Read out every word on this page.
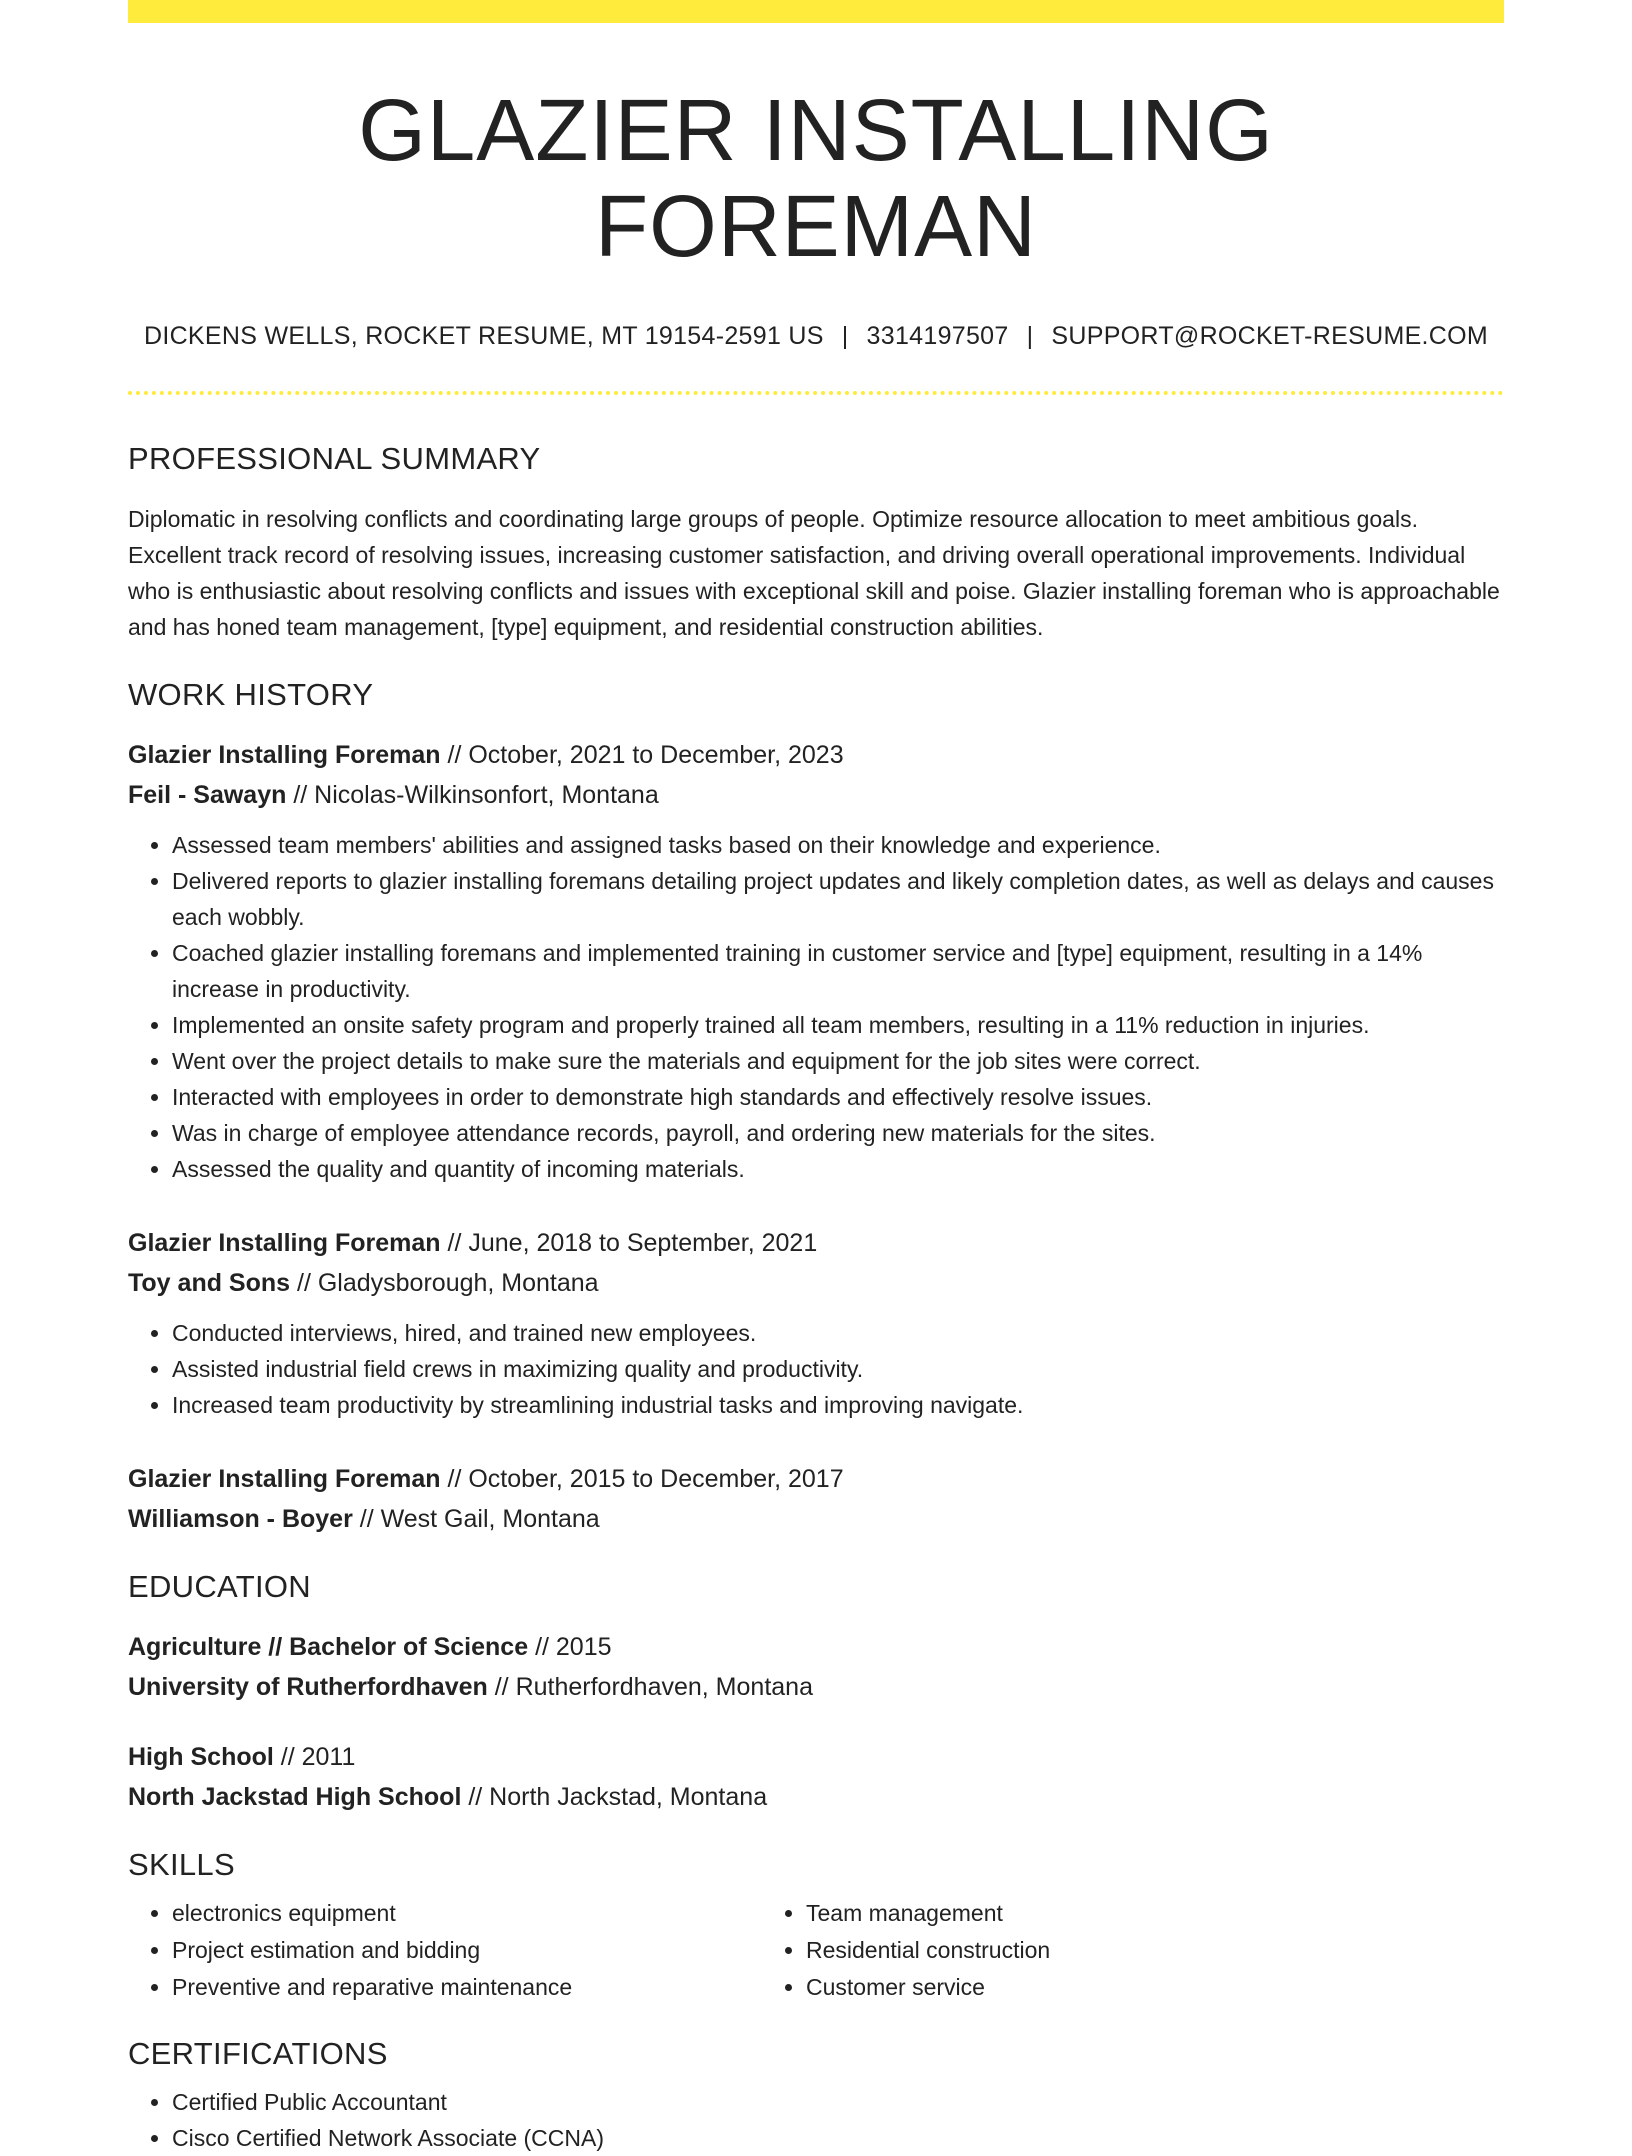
GLAZIER INSTALLING FOREMAN
DICKENS WELLS, ROCKET RESUME, MT 19154-2591 US | 3314197507 | SUPPORT@ROCKET-RESUME.COM
PROFESSIONAL SUMMARY
Diplomatic in resolving conflicts and coordinating large groups of people. Optimize resource allocation to meet ambitious goals. Excellent track record of resolving issues, increasing customer satisfaction, and driving overall operational improvements. Individual who is enthusiastic about resolving conflicts and issues with exceptional skill and poise. Glazier installing foreman who is approachable and has honed team management, [type] equipment, and residential construction abilities.
WORK HISTORY
Glazier Installing Foreman // October, 2021 to December, 2023
Feil - Sawayn // Nicolas-Wilkinsonfort, Montana
• Assessed team members' abilities and assigned tasks based on their knowledge and experience.
• Delivered reports to glazier installing foremans detailing project updates and likely completion dates, as well as delays and causes each wobbly.
• Coached glazier installing foremans and implemented training in customer service and [type] equipment, resulting in a 14% increase in productivity.
• Implemented an onsite safety program and properly trained all team members, resulting in a 11% reduction in injuries.
• Went over the project details to make sure the materials and equipment for the job sites were correct.
• Interacted with employees in order to demonstrate high standards and effectively resolve issues.
• Was in charge of employee attendance records, payroll, and ordering new materials for the sites.
• Assessed the quality and quantity of incoming materials.
Glazier Installing Foreman // June, 2018 to September, 2021
Toy and Sons // Gladysborough, Montana
• Conducted interviews, hired, and trained new employees.
• Assisted industrial field crews in maximizing quality and productivity.
• Increased team productivity by streamlining industrial tasks and improving navigate.
Glazier Installing Foreman // October, 2015 to December, 2017
Williamson - Boyer // West Gail, Montana
EDUCATION
Agriculture // Bachelor of Science // 2015
University of Rutherfordhaven // Rutherfordhaven, Montana
High School // 2011
North Jackstad High School // North Jackstad, Montana
SKILLS
• electronics equipment
• Project estimation and bidding
• Preventive and reparative maintenance
• Team management
• Residential construction
• Customer service
CERTIFICATIONS
• Certified Public Accountant
• Cisco Certified Network Associate (CCNA)
